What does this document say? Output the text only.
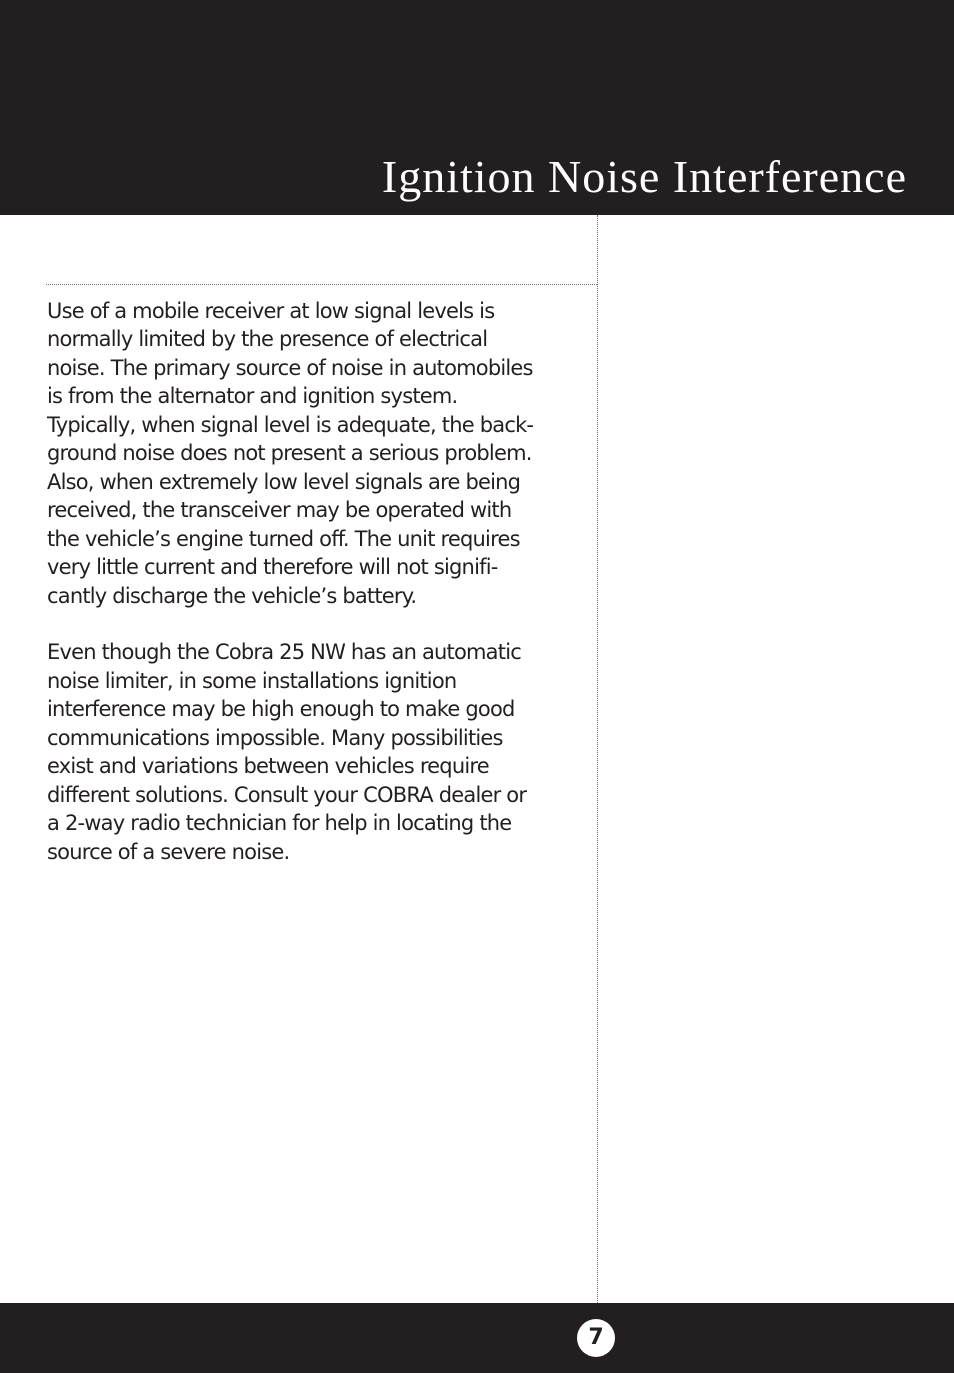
Ignition Noise Interference

Use of a mobile receiver at low signal levels is
normally limited by the presence of electrical
noise. The primary source of noise in automobiles
is from the alternator and ignition system.
Typically, when signal level is adequate, the back-
ground noise does not present a serious problem.
Also, when extremely low level signals are being
received, the transceiver may be operated with
the vehicle’s engine turned off. The unit requires
very little current and therefore will not signifi-
cantly discharge the vehicle’s battery.

Even though the Cobra 25 NW has an automatic
noise limiter, in some installations ignition
interference may be high enough to make good
communications impossible. Many possibilities
exist and variations between vehicles require
different solutions. Consult your COBRA dealer or
a 2-way radio technician for help in locating the
source of a severe noise.

7
